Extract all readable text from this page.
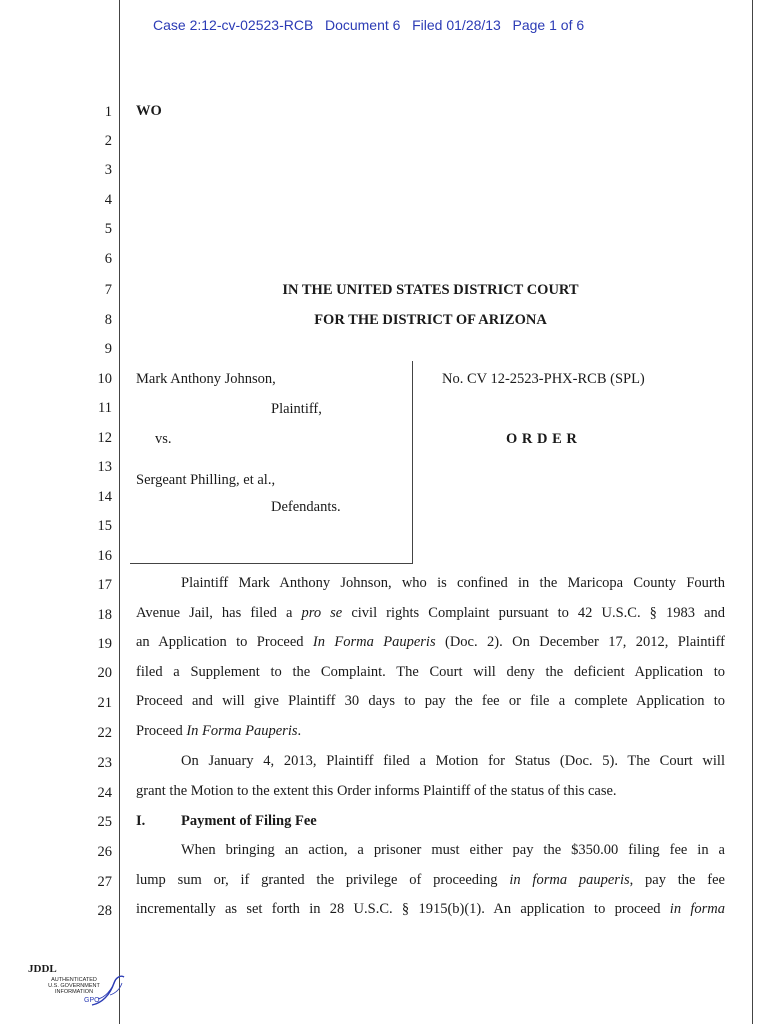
Case 2:12-cv-02523-RCB   Document 6   Filed 01/28/13   Page 1 of 6
1
2
3
4
5
6
7
8
9
10
11
12
13
14
15
16
17
18
19
20
21
22
23
24
25
26
27
28
WO
IN THE UNITED STATES DISTRICT COURT
FOR THE DISTRICT OF ARIZONA
Mark Anthony Johnson,
Plaintiff,
vs.
Sergeant Philling, et al.,
Defendants.
No. CV 12-2523-PHX-RCB (SPL)
O R D E R
Plaintiff Mark Anthony Johnson, who is confined in the Maricopa County Fourth
Avenue Jail, has filed a pro se civil rights Complaint pursuant to 42 U.S.C. § 1983 and
an Application to Proceed In Forma Pauperis (Doc. 2). On December 17, 2012, Plaintiff
filed a Supplement to the Complaint. The Court will deny the deficient Application to
Proceed and will give Plaintiff 30 days to pay the fee or file a complete Application to
Proceed In Forma Pauperis.
On January 4, 2013, Plaintiff filed a Motion for Status (Doc. 5). The Court will
grant the Motion to the extent this Order informs Plaintiff of the status of this case.
I. Payment of Filing Fee
When bringing an action, a prisoner must either pay the $350.00 filing fee in a
lump sum or, if granted the privilege of proceeding in forma pauperis, pay the fee
incrementally as set forth in 28 U.S.C. § 1915(b)(1). An application to proceed in forma
JDDL
AUTHENTICATED
U.S. GOVERNMENT
INFORMATION
GPO
